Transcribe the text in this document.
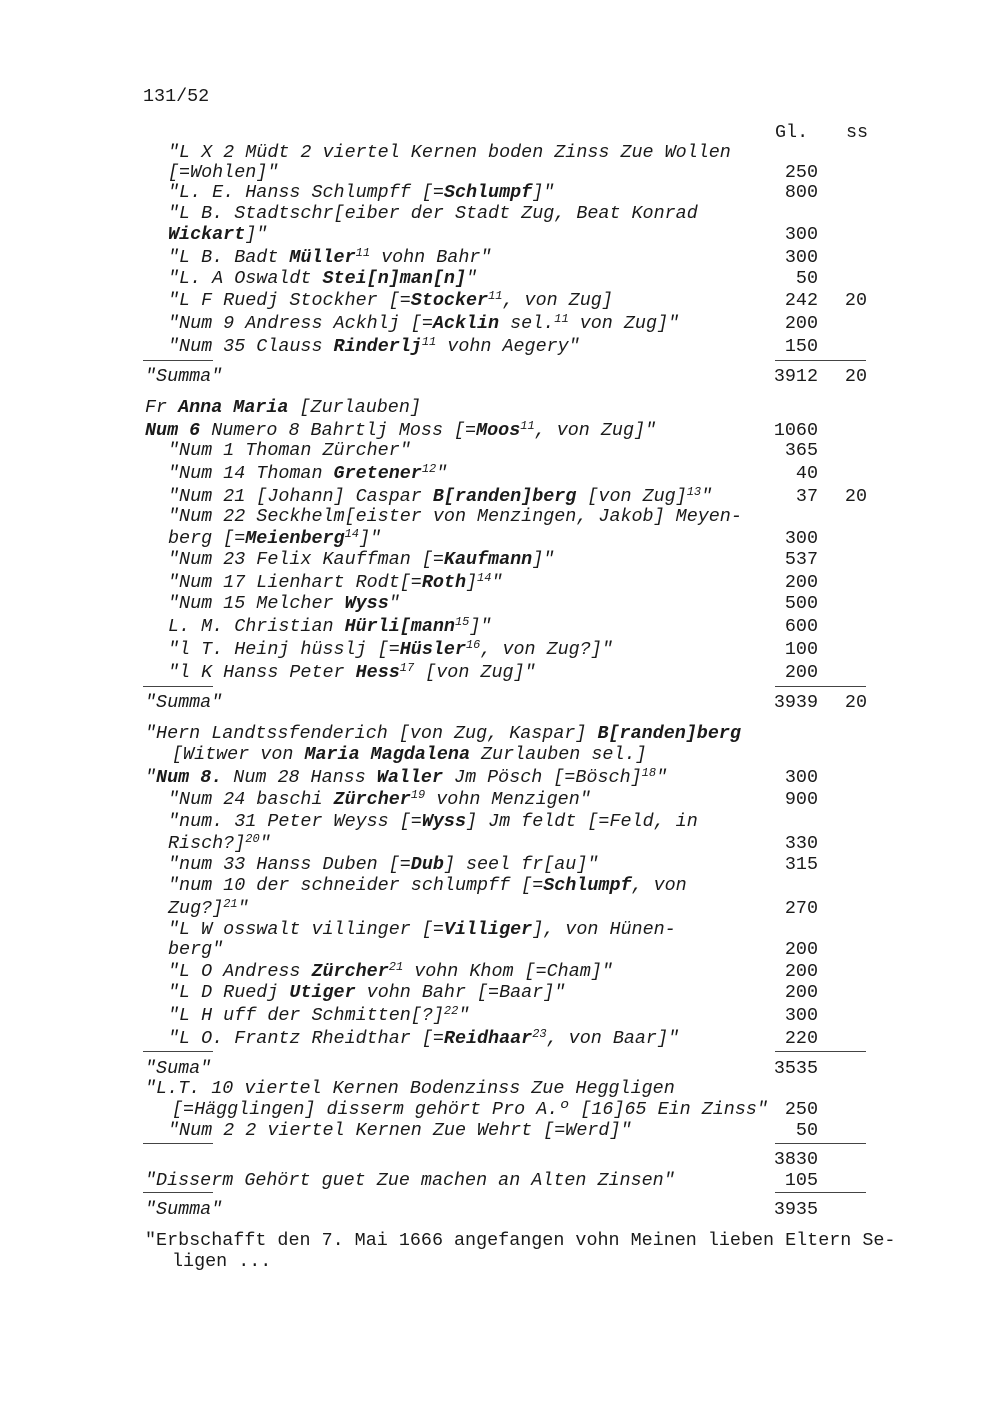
131/52
Gl. ss
"L X 2 Müdt 2 viertel Kernen boden Zinss Zue Wollen
[=Wohlen]"	250
"L. E. Hanss Schlumpff [=Schlumpf]"	800
"L B. Stadtschr[eiber der Stadt Zug, Beat Konrad
Wickart]"	300
"L B. Badt Müller$^{11}$ vohn Bahr"	300
"L. A Oswaldt Stei[n]man[n]"	50
"L F Ruedj Stockher [=Stocker$^{11}$, von Zug]	242 20
"Num 9 Andress Ackhlj [=Acklin sel.$^{11}$ von Zug]"	200
"Num 35 Clauss Rinderlj$^{11}$ vohn Aegery"	150
"Summa"	3912 20
Fr Anna Maria [Zurlauben]
Num 6 Numero 8 Bahrtlj Moss [=Moos$^{11}$, von Zug]"	1060
"Num 1 Thoman Zürcher"	365
"Num 14 Thoman Gretener$^{12}$"	40
"Num 21 [Johann] Caspar B[randen]berg [von Zug]$^{13}$"	37 20
"Num 22 Seckhelm[eister von Menzingen, Jakob] Meyen-
berg [=Meienberg$^{14}$]"	300
"Num 23 Felix Kauffman [=Kaufmann]"	537
"Num 17 Lienhart Rodt[=Roth]$^{14}$"	200
"Num 15 Melcher Wyss"	500
L. M. Christian Hürli[mann$^{15}$]"	600
"l T. Heinj hüsslj [=Hüsler$^{16}$, von Zug?]"	100
"l K Hanss Peter Hess$^{17}$ [von Zug]"	200
"Summa"	3939 20
"Hern Landtssfenderich [von Zug, Kaspar] B[randen]berg
[Witwer von Maria Magdalena Zurlauben sel.]
"Num 8. Num 28 Hanss Waller Jm Pösch [=Bösch]$^{18}$"	300
"Num 24 baschi Zürcher$^{19}$ vohn Menzigen"	900
"num. 31 Peter Weyss [=Wyss] Jm feldt [=Feld, in
Risch?]$^{20}$"	330
"num 33 Hanss Duben [=Dub] seel fr[au]"	315
"num 10 der schneider schlumpff [=Schlumpf, von
Zug?]$^{21}$"	270
"L W osswalt villinger [=Villiger], von Hünen-
berg"	200
"L O Andress Zürcher$^{21}$ vohn Khom [=Cham]"	200
"L D Ruedj Utiger vohn Bahr [=Baar]"	200
"L H uff der Schmitten[?]$^{22}$"	300
"L O. Frantz Rheidthar [=Reidhaar$^{23}$, von Baar]"	220
"Suma"	3535
"L.T. 10 viertel Kernen Bodenzinss Zue Heggligen
[=Hägglingen] disserm gehört Pro A.º [16]65 Ein Zinss" 250
"Num 2 2 viertel Kernen Zue Wehrt [=Werd]"	50
3830
"Disserm Gehört guet Zue machen an Alten Zinsen"	105
"Summa"	3935
"Erbschafft den 7. Mai 1666 angefangen vohn Meinen lieben Eltern Se-
ligen ...
